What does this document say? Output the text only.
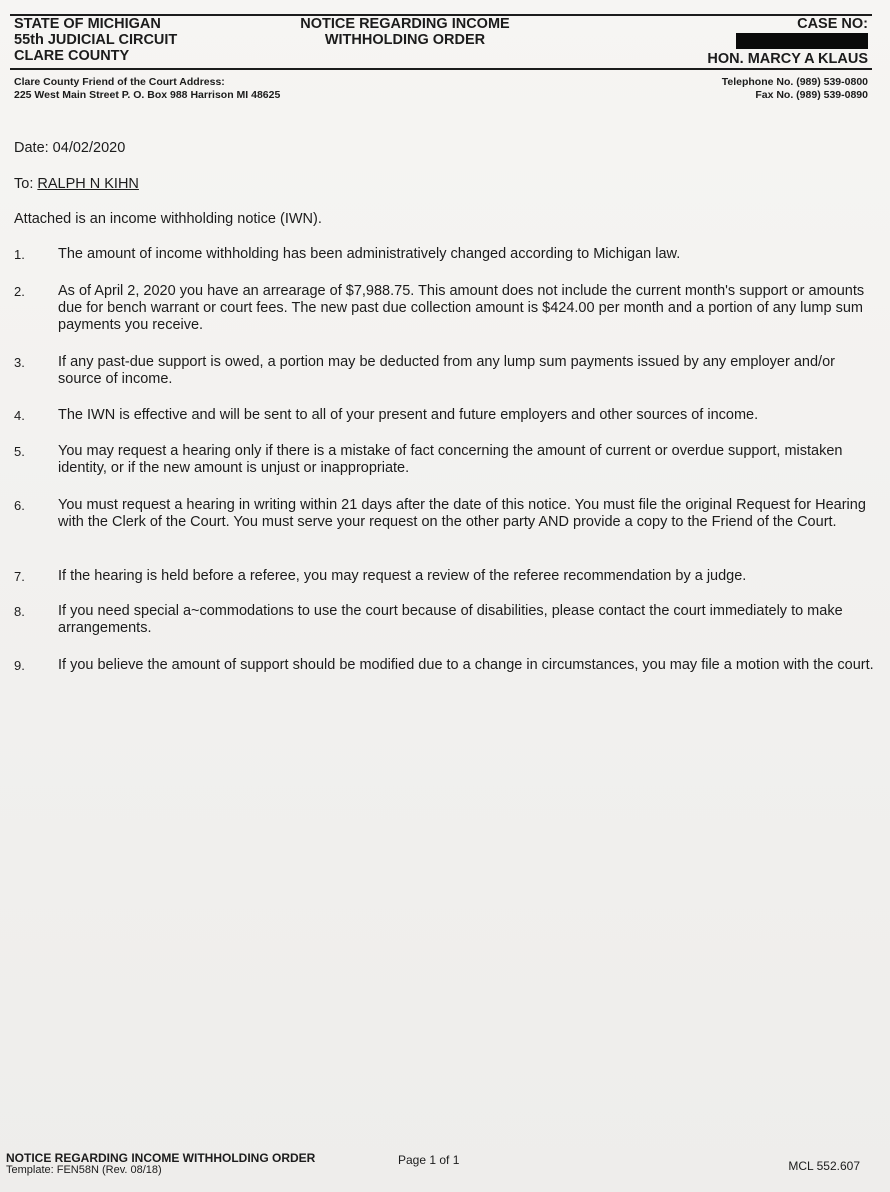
STATE OF MICHIGAN
55th JUDICIAL CIRCUIT
CLARE COUNTY
NOTICE REGARDING INCOME
WITHHOLDING ORDER
CASE NO:
HON. MARCY A KLAUS
Clare County Friend of the Court Address:
225 West Main Street P. O. Box 988 Harrison MI 48625
Telephone No. (989) 539-0800
Fax No. (989) 539-0890
Date: 04/02/2020
To: RALPH N KIHN
Attached is an income withholding notice (IWN).
1.	The amount of income withholding has been administratively changed according to Michigan law.
2.	As of April 2, 2020 you have an arrearage of $7,988.75. This amount does not include the current month's support or amounts due for bench warrant or court fees. The new past due collection amount is $424.00 per month and a portion of any lump sum payments you receive.
3.	If any past-due support is owed, a portion may be deducted from any lump sum payments issued by any employer and/or source of income.
4.	The IWN is effective and will be sent to all of your present and future employers and other sources of income.
5.	You may request a hearing only if there is a mistake of fact concerning the amount of current or overdue support, mistaken identity, or if the new amount is unjust or inappropriate.
6.	You must request a hearing in writing within 21 days after the date of this notice. You must file the original Request for Hearing with the Clerk of the Court. You must serve your request on the other party AND provide a copy to the Friend of the Court.
7.	If the hearing is held before a referee, you may request a review of the referee recommendation by a judge.
8.	If you need special a~commodations to use the court because of disabilities, please contact the court immediately to make arrangements.
9.	If you believe the amount of support should be modified due to a change in circumstances, you may file a motion with the court.
NOTICE REGARDING INCOME WITHHOLDING ORDER
Template: FEN58N (Rev. 08/18)
Page 1 of 1	MCL 552.607
